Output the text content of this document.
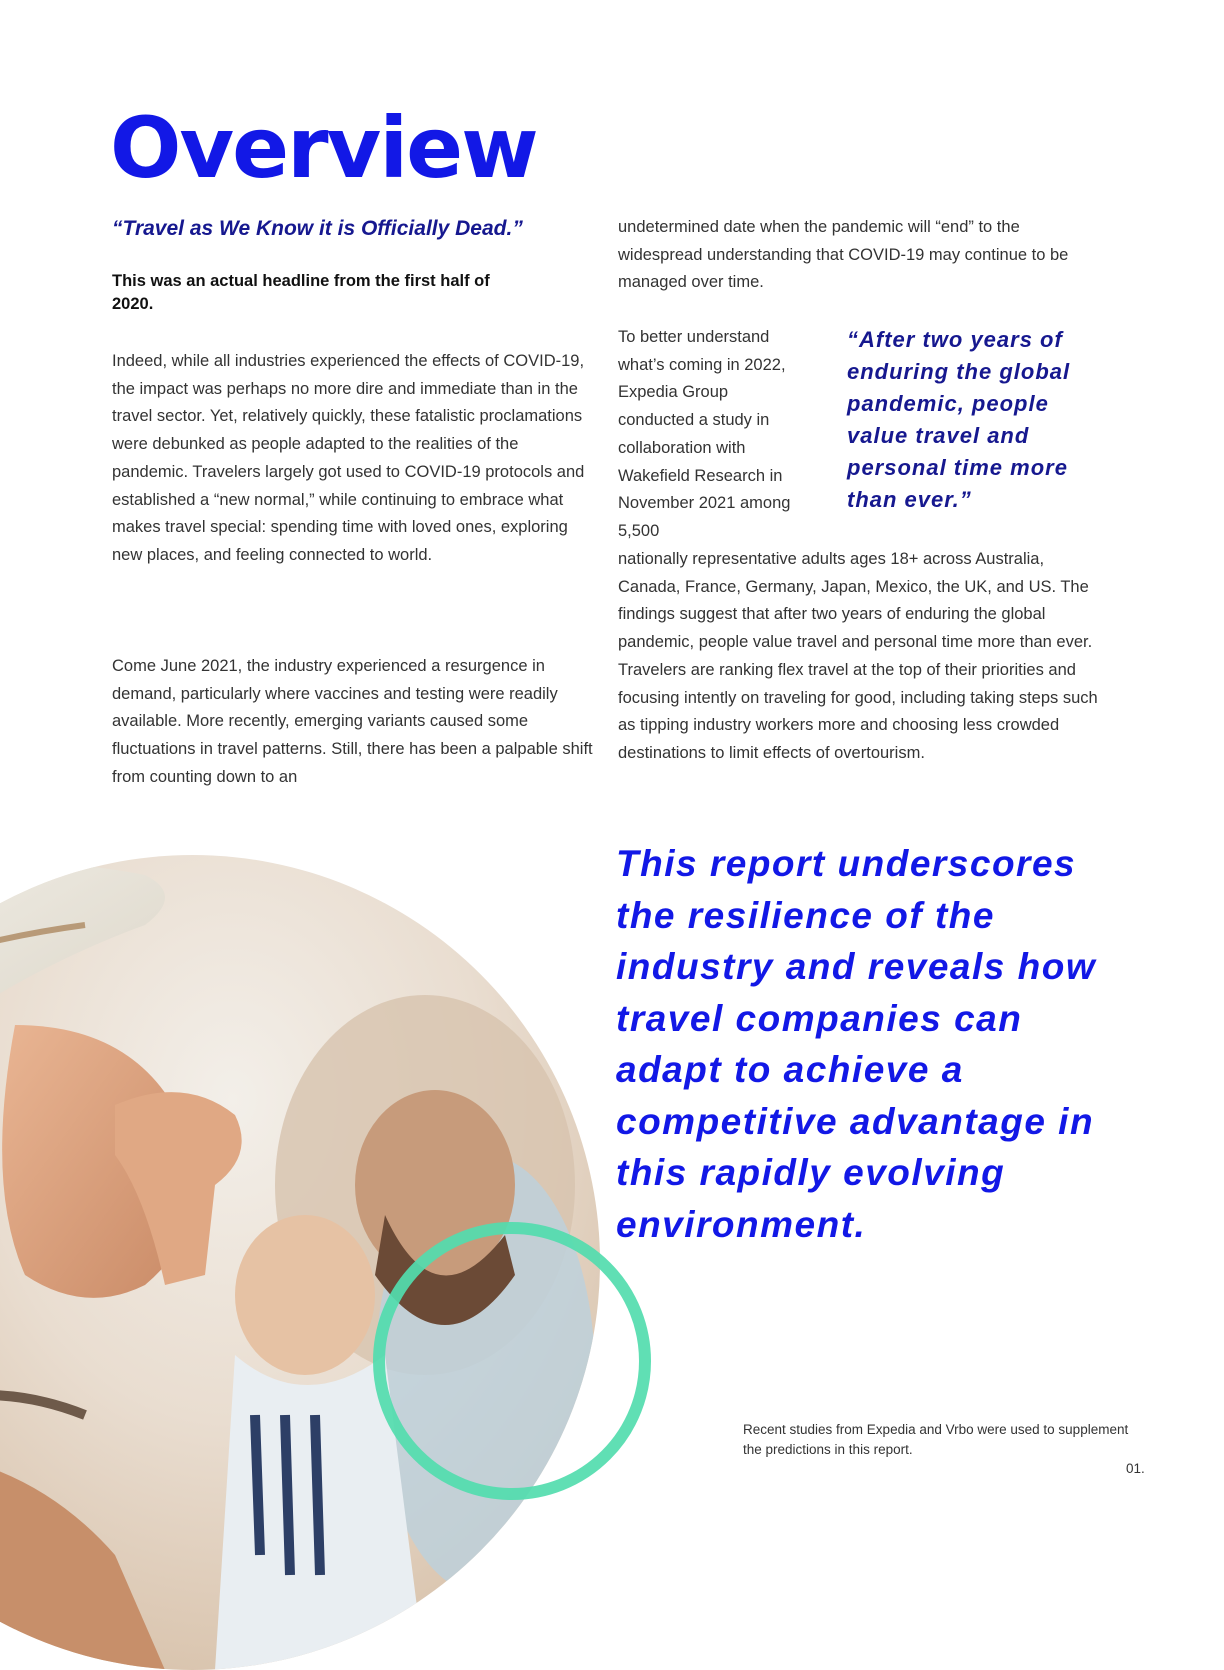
Overview

“Travel as We Know it is Officially Dead.”

This was an actual headline from the first half of 2020.

Indeed, while all industries experienced the effects of COVID-19, the impact was perhaps no more dire and immediate than in the travel sector. Yet, relatively quickly, these fatalistic proclamations were debunked as people adapted to the realities of the pandemic. Travelers largely got used to COVID-19 protocols and established a “new normal,” while continuing to embrace what makes travel special: spending time with loved ones, exploring new places, and feeling connected to world.

Come June 2021, the industry experienced a resurgence in demand, particularly where vaccines and testing were readily available. More recently, emerging variants caused some fluctuations in travel patterns. Still, there has been a palpable shift from counting down to an

undetermined date when the pandemic will “end” to the widespread understanding that COVID-19 may continue to be managed over time.

To better understand what’s coming in 2022, Expedia Group conducted a study in collaboration with Wakefield Research in November 2021 among 5,500

nationally representative adults ages 18+ across Australia, Canada, France, Germany, Japan, Mexico, the UK, and US. The findings suggest that after two years of enduring the global pandemic, people value travel and personal time more than ever. Travelers are ranking flex travel at the top of their priorities and focusing intently on traveling for good, including taking steps such as tipping industry workers more and choosing less crowded destinations to limit effects of overtourism.

“After two years of enduring the global pandemic, people value travel and personal time more than ever.”

This report underscores the resilience of the industry and reveals how travel companies can adapt to achieve a competitive advantage in this rapidly evolving environment.

Recent studies from Expedia and Vrbo were used to supplement the predictions in this report.

01.
